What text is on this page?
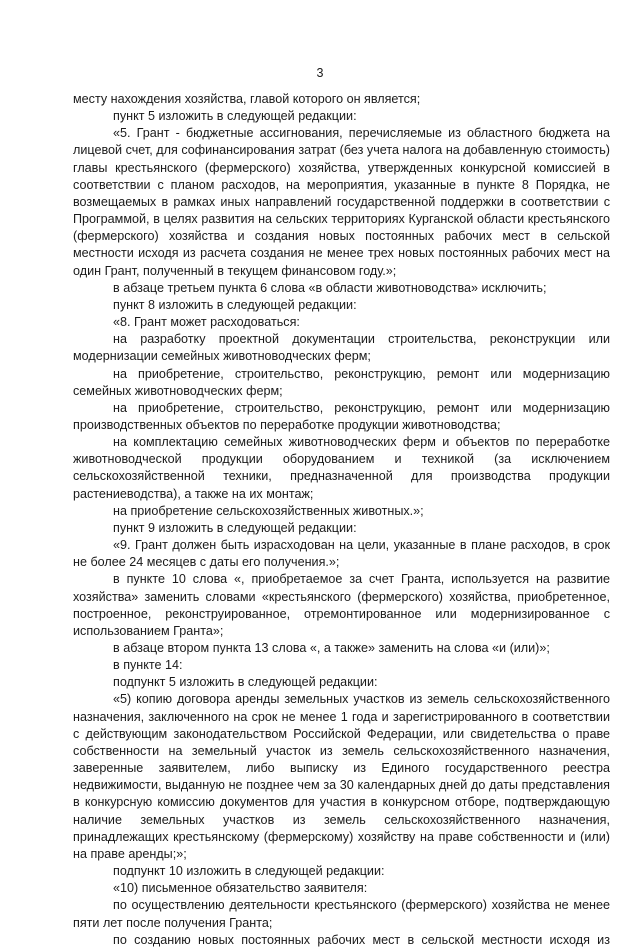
3

месту нахождения хозяйства, главой которого он является;

пункт 5 изложить в следующей редакции:

«5. Грант - бюджетные ассигнования, перечисляемые из областного бюджета на лицевой счет, для софинансирования затрат (без учета налога на добавленную стоимость) главы крестьянского (фермерского) хозяйства, утвержденных конкурсной комиссией в соответствии с планом расходов, на мероприятия, указанные в пункте 8 Порядка, не возмещаемых в рамках иных направлений государственной поддержки в соответствии с Программой, в целях развития на сельских территориях Курганской области крестьянского (фермерского) хозяйства и создания новых постоянных рабочих мест в сельской местности исходя из расчета создания не менее трех новых постоянных рабочих мест на один Грант, полученный в текущем финансовом году.»;

в абзаце третьем пункта 6 слова «в области животноводства» исключить;

пункт 8 изложить в следующей редакции:

«8. Грант может расходоваться:

на разработку проектной документации строительства, реконструкции или модернизации семейных животноводческих ферм;

на приобретение, строительство, реконструкцию, ремонт или модернизацию семейных животноводческих ферм;

на приобретение, строительство, реконструкцию, ремонт или модернизацию производственных объектов по переработке продукции животноводства;

на комплектацию семейных животноводческих ферм и объектов по переработке животноводческой продукции оборудованием и техникой (за исключением сельскохозяйственной техники, предназначенной для производства продукции растениеводства), а также на их монтаж;

на приобретение сельскохозяйственных животных.»;

пункт 9 изложить в следующей редакции:

«9. Грант должен быть израсходован на цели, указанные в плане расходов, в срок не более 24 месяцев с даты его получения.»;

в пункте 10 слова «, приобретаемое за счет Гранта, используется на развитие хозяйства» заменить словами «крестьянского (фермерского) хозяйства, приобретенное, построенное, реконструированное, отремонтированное или модернизированное с использованием Гранта»;

в абзаце втором пункта 13 слова «, а также» заменить на слова «и (или)»;

в пункте 14:

подпункт 5 изложить в следующей редакции:

«5) копию договора аренды земельных участков из земель сельскохозяйственного назначения, заключенного на срок не менее 1 года и зарегистрированного в соответствии с действующим законодательством Российской Федерации, или свидетельства о праве собственности на земельный участок из земель сельскохозяйственного назначения, заверенные заявителем, либо выписку из Единого государственного реестра недвижимости, выданную не позднее чем за 30 календарных дней до даты представления в конкурсную комиссию документов для участия в конкурсном отборе, подтверждающую наличие земельных участков из земель сельскохозяйственного назначения, принадлежащих крестьянскому (фермерскому) хозяйству на праве собственности и (или) на праве аренды;»;

подпункт 10 изложить в следующей редакции:

«10) письменное обязательство заявителя:

по осуществлению деятельности крестьянского (фермерского) хозяйства не менее пяти лет после получения Гранта;

по созданию новых постоянных рабочих мест в сельской местности исходя из
